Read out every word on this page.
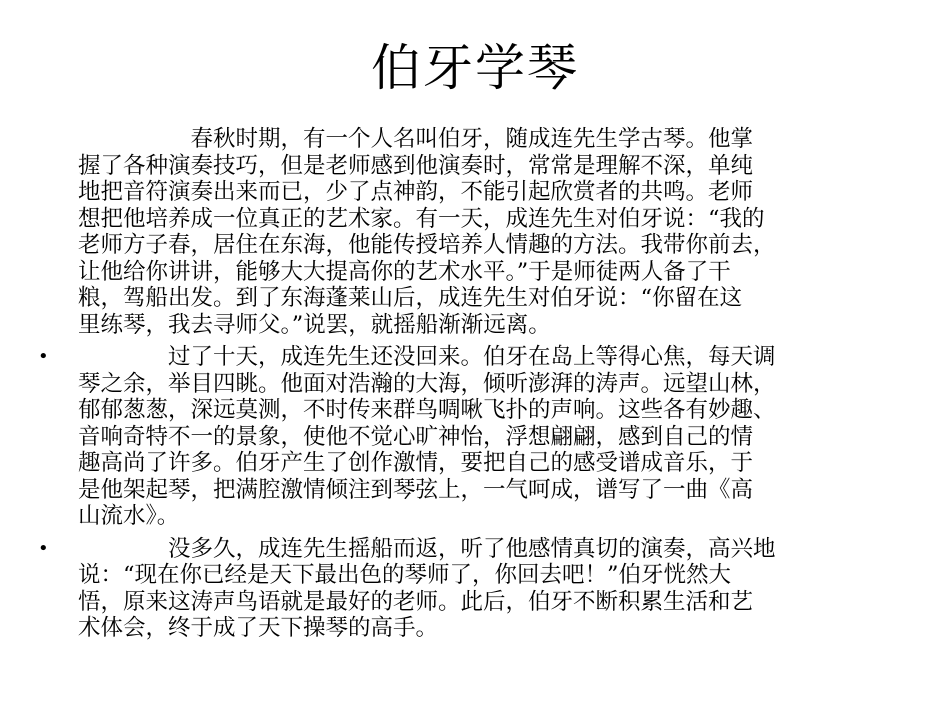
伯牙学琴
　　　　　春秋时期，有一个人名叫伯牙，随成连先生学古琴。他掌
握了各种演奏技巧，但是老师感到他演奏时，常常是理解不深，单纯
地把音符演奏出来而已，少了点神韵，不能引起欣赏者的共鸣。老师
想把他培养成一位真正的艺术家。有一天，成连先生对伯牙说：“我的
老师方子春，居住在东海，他能传授培养人情趣的方法。我带你前去，
让他给你讲讲，能够大大提高你的艺术水平。”于是师徒两人备了干
粮，驾船出发。到了东海蓬莱山后，成连先生对伯牙说：“你留在这
里练琴，我去寻师父。”说罢，就摇船渐渐远离。
• 　　　　过了十天，成连先生还没回来。伯牙在岛上等得心焦，每天调
琴之余，举目四眺。他面对浩瀚的大海，倾听澎湃的涛声。远望山林，
郁郁葱葱，深远莫测，不时传来群鸟啁啾飞扑的声响。这些各有妙趣、
音响奇特不一的景象，使他不觉心旷神怡，浮想翩翩，感到自己的情
趣高尚了许多。伯牙产生了创作激情，要把自己的感受谱成音乐，于
是他架起琴，把满腔激情倾注到琴弦上，一气呵成，谱写了一曲《高
山流水》。
• 　　　　没多久，成连先生摇船而返，听了他感情真切的演奏，高兴地
说：“现在你已经是天下最出色的琴师了，你回去吧！”伯牙恍然大
悟，原来这涛声鸟语就是最好的老师。此后，伯牙不断积累生活和艺
术体会，终于成了天下操琴的高手。
